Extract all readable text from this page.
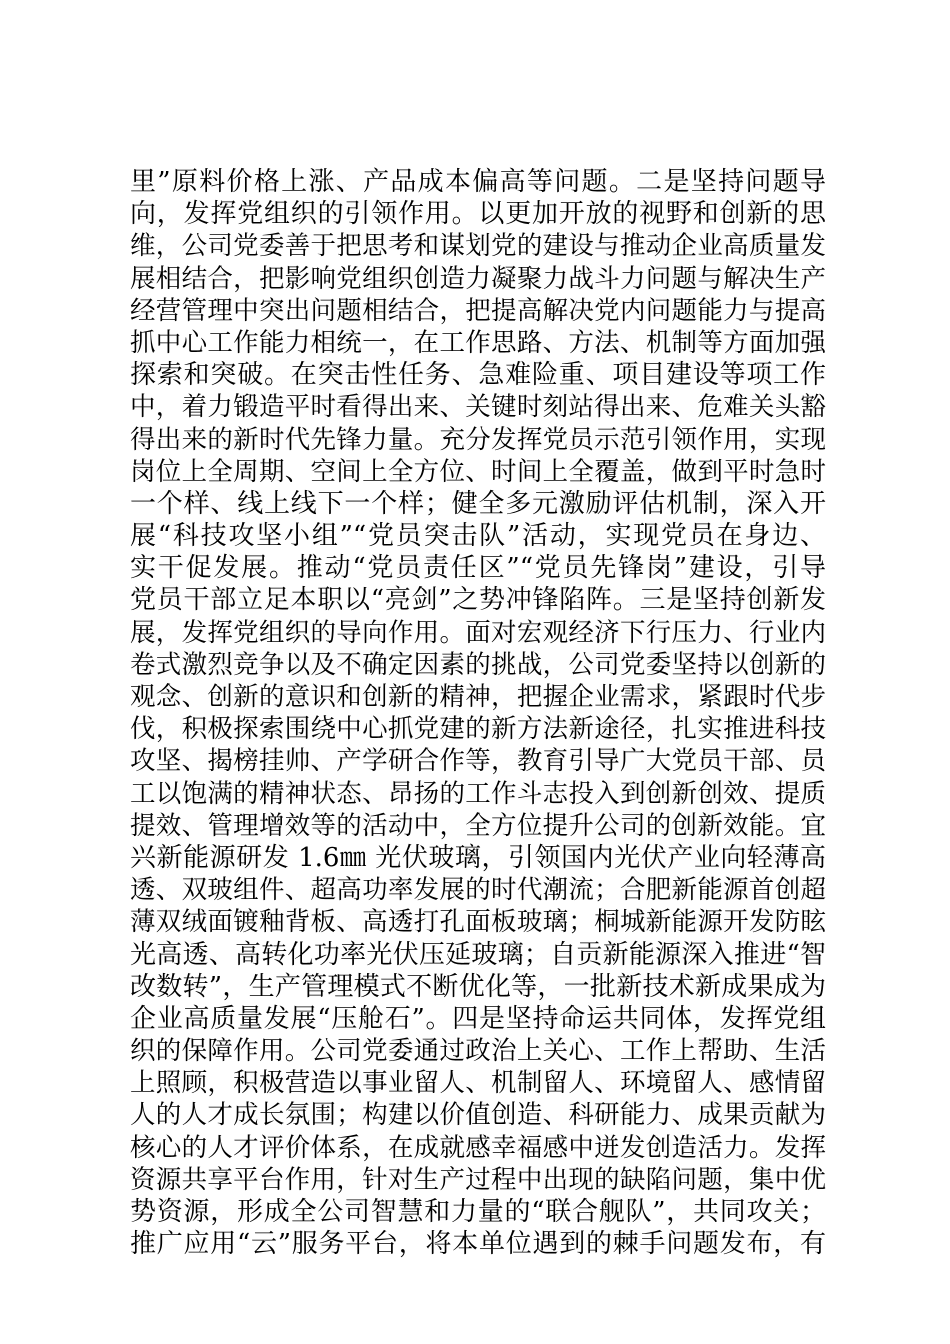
里”原料价格上涨、产品成本偏高等问题。二是坚持问题导
向，发挥党组织的引领作用。以更加开放的视野和创新的思
维，公司党委善于把思考和谋划党的建设与推动企业高质量发
展相结合，把影响党组织创造力凝聚力战斗力问题与解决生产
经营管理中突出问题相结合，把提高解决党内问题能力与提高
抓中心工作能力相统一，在工作思路、方法、机制等方面加强
探索和突破。在突击性任务、急难险重、项目建设等项工作
中，着力锻造平时看得出来、关键时刻站得出来、危难关头豁
得出来的新时代先锋力量。充分发挥党员示范引领作用，实现
岗位上全周期、空间上全方位、时间上全覆盖，做到平时急时
一个样、线上线下一个样；健全多元激励评估机制，深入开
展“科技攻坚小组”“党员突击队”活动，实现党员在身边、
实干促发展。推动“党员责任区”“党员先锋岗”建设，引导
党员干部立足本职以“亮剑”之势冲锋陷阵。三是坚持创新发
展，发挥党组织的导向作用。面对宏观经济下行压力、行业内
卷式激烈竞争以及不确定因素的挑战，公司党委坚持以创新的
观念、创新的意识和创新的精神，把握企业需求，紧跟时代步
伐，积极探索围绕中心抓党建的新方法新途径，扎实推进科技
攻坚、揭榜挂帅、产学研合作等，教育引导广大党员干部、员
工以饱满的精神状态、昂扬的工作斗志投入到创新创效、提质
提效、管理增效等的活动中，全方位提升公司的创新效能。宜
兴新能源研发 1.6㎜ 光伏玻璃，引领国内光伏产业向轻薄高
透、双玻组件、超高功率发展的时代潮流；合肥新能源首创超
薄双绒面镀釉背板、高透打孔面板玻璃；桐城新能源开发防眩
光高透、高转化功率光伏压延玻璃；自贡新能源深入推进“智
改数转”，生产管理模式不断优化等，一批新技术新成果成为
企业高质量发展“压舱石”。四是坚持命运共同体，发挥党组
织的保障作用。公司党委通过政治上关心、工作上帮助、生活
上照顾，积极营造以事业留人、机制留人、环境留人、感情留
人的人才成长氛围；构建以价值创造、科研能力、成果贡献为
核心的人才评价体系，在成就感幸福感中迸发创造活力。发挥
资源共享平台作用，针对生产过程中出现的缺陷问题，集中优
势资源，形成全公司智慧和力量的“联合舰队”，共同攻关；
推广应用“云”服务平台，将本单位遇到的棘手问题发布，有
